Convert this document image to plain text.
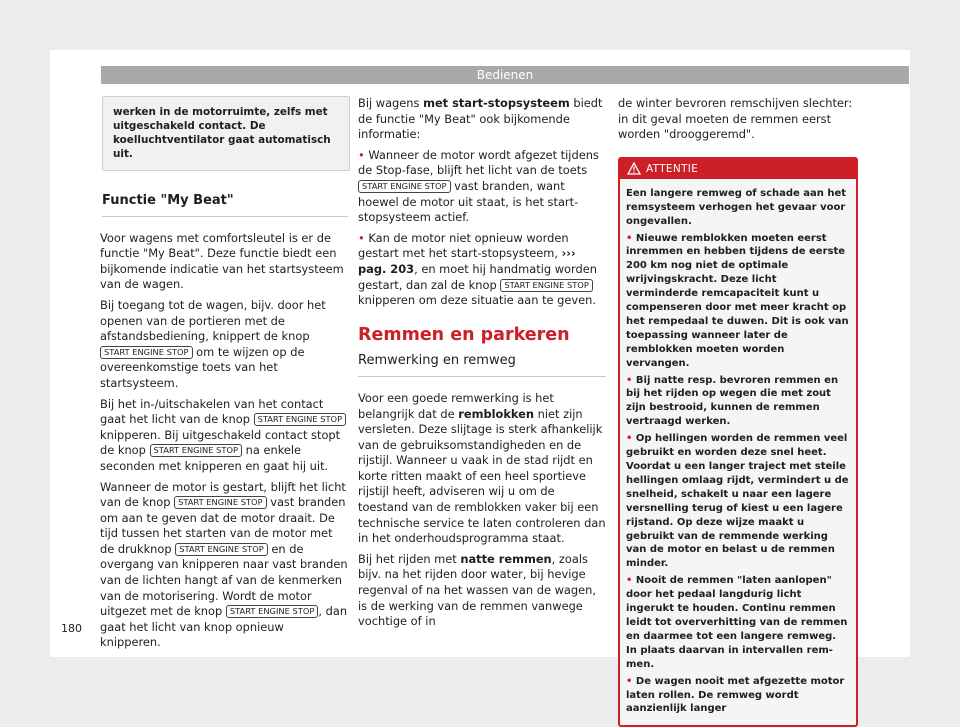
Bedienen
werken in de motorruimte, zelfs met uitgeschakeld contact. De koelluchtventilator gaat automatisch uit.
Functie "My Beat"

Voor wagens met comfortsleutel is er de functie "My Beat". Deze functie biedt een bijkomende indicatie van het startsysteem van de wagen.

Bij toegang tot de wagen, bijv. door het openen van de portieren met de afstandsbediening, knippert de knop START ENGINE STOP om te wijzen op de overeenkomstige toets van het startsysteem.

Bij het in-/uitschakelen van het contact gaat het licht van de knop START ENGINE STOP knipperen. Bij uitgeschakeld contact stopt de knop START ENGINE STOP na enkele seconden met knipperen en gaat hij uit.

Wanneer de motor is gestart, blijft het licht van de knop START ENGINE STOP vast branden om aan te geven dat de motor draait. De tijd tussen het starten van de motor met de drukknop START ENGINE STOP en de overgang van knipperen naar vast branden van de lichten hangt af van de kenmerken van de motorisering. Wordt de motor uitgezet met de knop START ENGINE STOP , dan gaat het licht van knop opnieuw knipperen.

Bij wagens met start-stopsysteem biedt de functie "My Beat" ook bijkomende informatie:

• Wanneer de motor wordt afgezet tijdens de Stop-fase, blijft het licht van de toets START ENGINE STOP vast branden, want hoewel de motor uit staat, is het start-stopsysteem actief.

• Kan de motor niet opnieuw worden gestart met het start-stopsysteem, ››› pag. 203, en moet hij handmatig worden gestart, dan zal de knop START ENGINE STOP knipperen om deze situatie aan te geven.

Remmen en parkeren
Remwerking en remweg

Voor een goede remwerking is het belangrijk dat de remblokken niet zijn versleten. Deze slijtage is sterk afhankelijk van de gebruiksomstandigheden en de rijstijl. Wanneer u vaak in de stad rijdt en korte ritten maakt of een heel sportieve rijstijl heeft, adviseren wij u om de toestand van de remblokken vaker bij een technische service te laten controleren dan in het onderhoudsprogramma staat.

Bij het rijden met natte remmen, zoals bijv. na het rijden door water, bij hevige regenval of na het wassen van de wagen, is de werking van de remmen vanwege vochtige of in

de winter bevroren remschijven slechter: in dit geval moeten de remmen eerst worden "drooggeremd".

ATTENTIE

Een langere remweg of schade aan het remsysteem verhogen het gevaar voor ongevallen.

• Nieuwe remblokken moeten eerst inremmen en hebben tijdens de eerste 200 km nog niet de optimale wrijvingskracht. Deze licht verminderde remcapaciteit kunt u compenseren door met meer kracht op het rempedaal te duwen. Dit is ook van toepassing wanneer later de remblokken moeten worden vervangen.

• Bij natte resp. bevroren remmen en bij het rijden op wegen die met zout zijn bestrooid, kunnen de remmen vertraagd werken.

• Op hellingen worden de remmen veel gebruikt en worden deze snel heet. Voordat u een langer traject met steile hellingen omlaag rijdt, vermindert u de snelheid, schakelt u naar een lagere versnelling terug of kiest u een lagere rijstand. Op deze wijze maakt u gebruikt van de remmende werking van de motor en belast u de remmen minder.

• Nooit de remmen "laten aanlopen" door het pedaal langdurig licht ingerukt te houden. Continu remmen leidt tot oververhitting van de remmen en daarmee tot een langere remweg. In plaats daarvan in intervallen remmen.

• De wagen nooit met afgezette motor laten rollen. De remweg wordt aanzienlijk langer

180
